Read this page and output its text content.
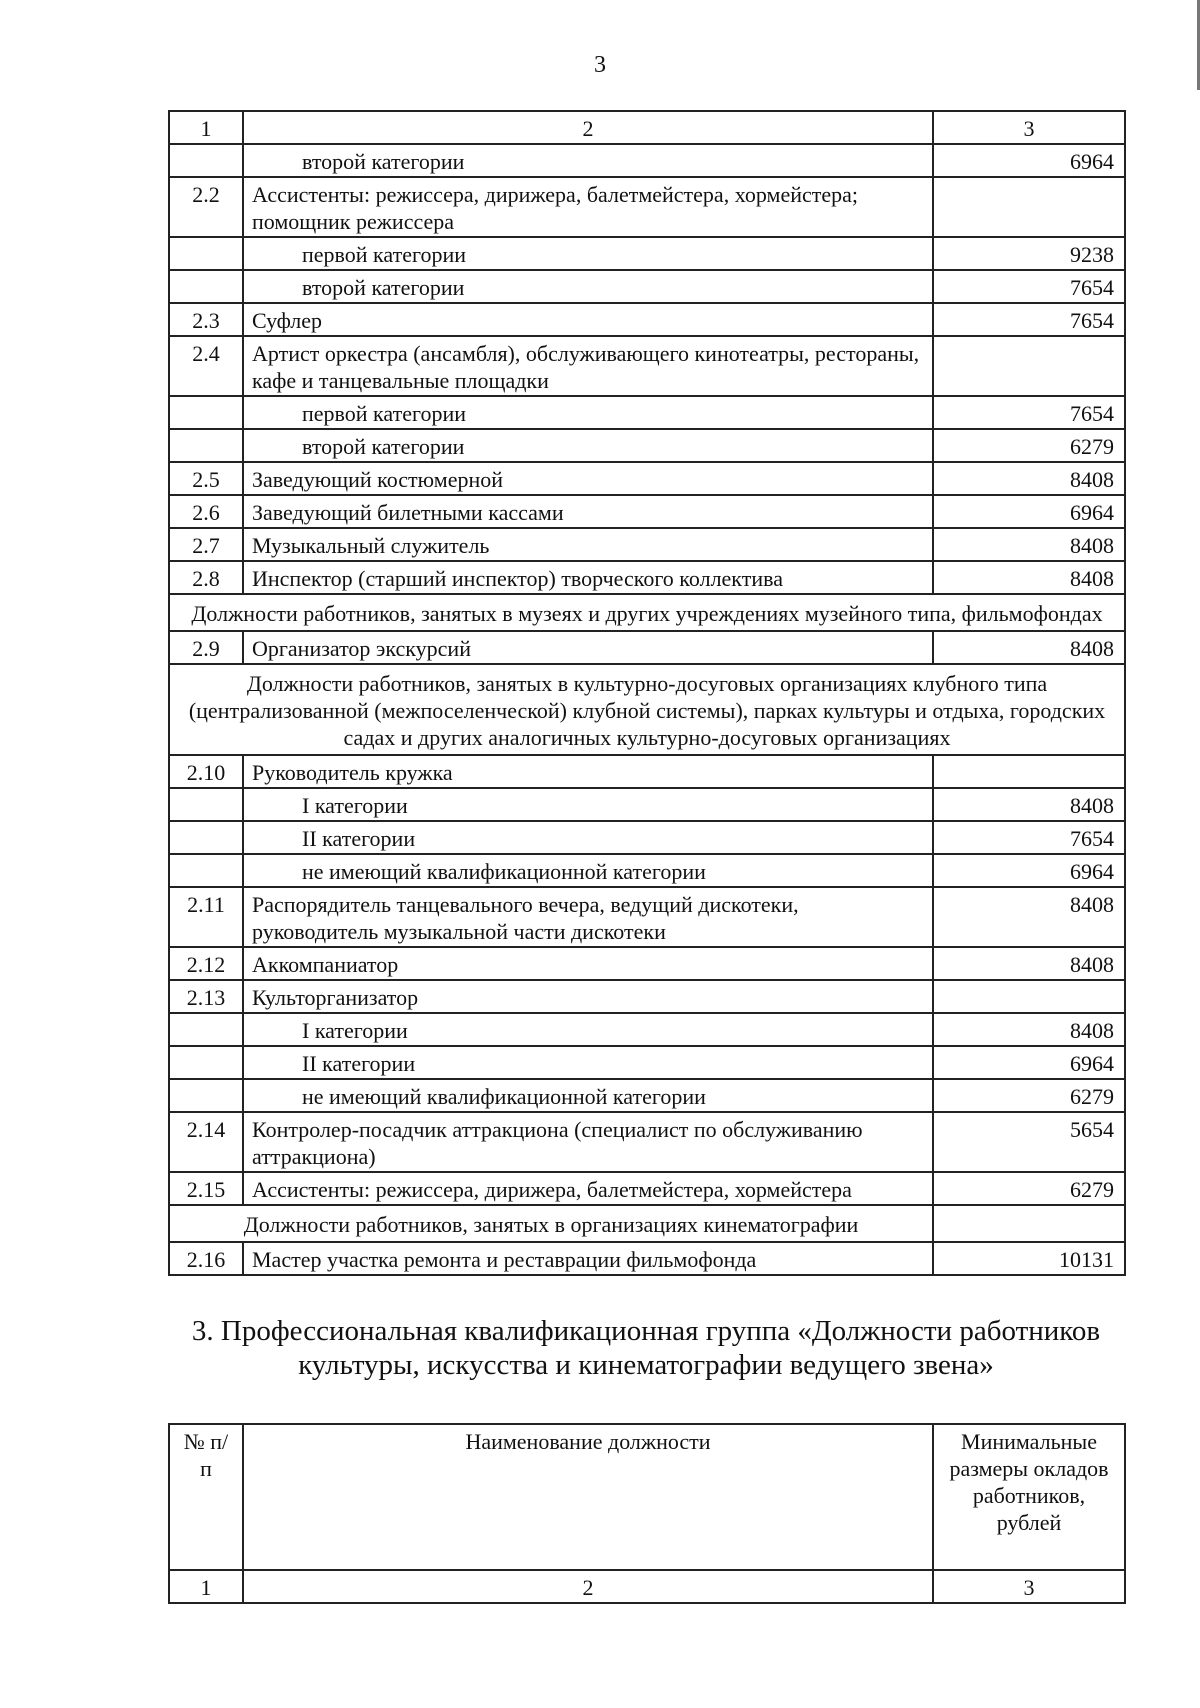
3
1	2	3
	второй категории	6964
2.2	Ассистенты: режиссера, дирижера, балетмейстера, хормейстера; помощник режиссера	
	первой категории	9238
	второй категории	7654
2.3	Суфлер	7654
2.4	Артист оркестра (ансамбля), обслуживающего кинотеатры, рестораны, кафе и танцевальные площадки	
	первой категории	7654
	второй категории	6279
2.5	Заведующий костюмерной	8408
2.6	Заведующий билетными кассами	6964
2.7	Музыкальный служитель	8408
2.8	Инспектор (старший инспектор) творческого коллектива	8408
Должности работников, занятых в музеях и других учреждениях музейного типа, фильмофондах		
2.9	Организатор экскурсий	8408
Должности работников, занятых в культурно-досуговых организациях клубного типа (централизованной (межпоселенческой) клубной системы), парках культуры и отдыха, городских садах и других аналогичных культурно-досуговых организациях		
2.10	Руководитель кружка	
	I категории	8408
	II категории	7654
	не имеющий квалификационной категории	6964
2.11	Распорядитель танцевального вечера, ведущий дискотеки, руководитель музыкальной части дискотеки	8408
2.12	Аккомпаниатор	8408
2.13	Культорганизатор	
	I категории	8408
	II категории	6964
	не имеющий квалификационной категории	6279
2.14	Контролер-посадчик аттракциона (специалист по обслуживанию аттракциона)	5654
2.15	Ассистенты: режиссера, дирижера, балетмейстера, хормейстера	6279
Должности работников, занятых в организациях кинематографии		
2.16	Мастер участка ремонта и реставрации фильмофонда	10131
3. Профессиональная квалификационная группа «Должности работников культуры, искусства и кинематографии ведущего звена»
№ п/п	Наименование должности	Минимальные размеры окладов работников, рублей
1	2	3
